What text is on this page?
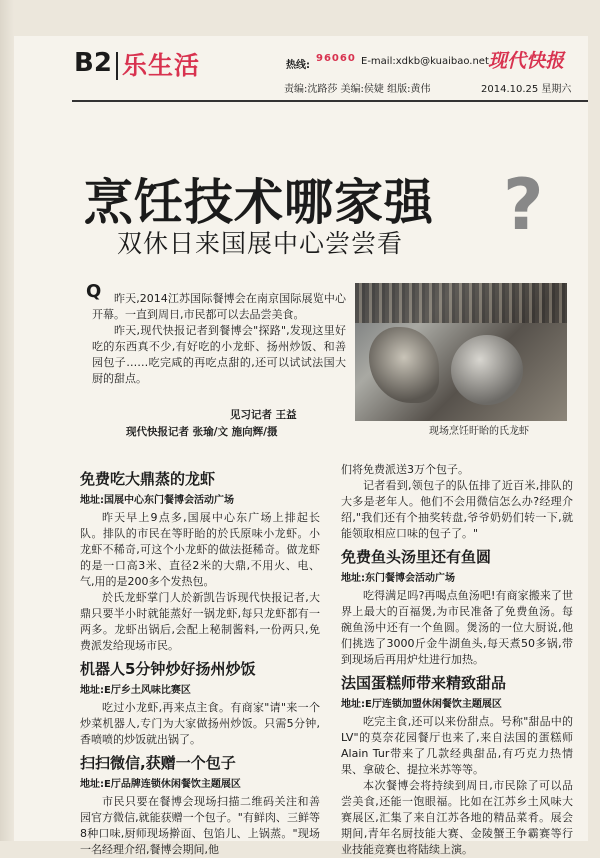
B2 乐生活	热线:
96060 E-mail:xdkb@kuaibao.net 现代快报
责编:沈路莎 美编:侯婕 组版:黄伟	2014.10.25 星期六
烹饪技术哪家强 ?
双休日来国展中心尝尝看
Q	昨天,2014江苏国际餐博会在南京国际展览中心开幕。一直到周日,市民都可以去品尝美食。
昨天,现代快报记者到餐博会"探路",发现这里好吃的东西真不少,有好吃的小龙虾、扬州炒饭、和善园包子……吃完咸的再吃点甜的,还可以试试法国大厨的甜点。
见习记者 王益
现代快报记者 张瑜/文 施向辉/摄	现场烹饪盱眙的氏龙虾
免费吃大鼎蒸的龙虾
地址:国展中心东门餐博会活动广场
昨天早上9点多,国展中心东广场上排起长队。排队的市民在等盱眙的於氏原味小龙虾。小龙虾不稀奇,可这个小龙虾的做法挺稀奇。做龙虾的是一口高3米、直径2米的大鼎,不用火、电、气,用的是200多个发热包。
於氏龙虾掌门人於新凯告诉现代快报记者,大鼎只要半小时就能蒸好一锅龙虾,每只龙虾都有一两多。龙虾出锅后,会配上秘制酱料,一份两只,免费派发给现场市民。
机器人5分钟炒好扬州炒饭
地址:E厅乡土风味比赛区
吃过小龙虾,再来点主食。有商家"请"来一个炒菜机器人,专门为大家做扬州炒饭。只需5分钟,香喷喷的炒饭就出锅了。
扫扫微信,获赠一个包子
地址:E厅品牌连锁休闲餐饮主题展区
市民只要在餐博会现场扫描二维码关注和善园官方微信,就能获赠一个包子。"有鲜肉、三鲜等8种口味,厨师现场擀面、包馅儿、上锅蒸。"现场一名经理介绍,餐博会期间,他
们将免费派送3万个包子。
记者看到,领包子的队伍排了近百米,排队的大多是老年人。他们不会用微信怎么办?经理介绍,"我们还有个抽奖转盘,爷爷奶奶们转一下,就能领取相应口味的包子了。"
免费鱼头汤里还有鱼圆
地址:东门餐博会活动广场
吃得满足吗?再喝点鱼汤吧!有商家搬来了世界上最大的百福煲,为市民准备了免费鱼汤。每碗鱼汤中还有一个鱼圆。煲汤的一位大厨说,他们挑选了3000斤金牛湖鱼头,每天煮50多锅,带到现场后再用炉灶进行加热。
法国蛋糕师带来精致甜品
地址:E厅连锁加盟休闲餐饮主题展区
吃完主食,还可以来份甜点。号称"甜品中的LV"的莫奈花园餐厅也来了,来自法国的蛋糕师Alain Tur带来了几款经典甜品,有巧克力热情果、拿破仑、提拉米苏等等。
本次餐博会将持续到周日,市民除了可以品尝美食,还能一饱眼福。比如在江苏乡土风味大赛展区,汇集了来自江苏各地的精品菜肴。展会期间,青年名厨技能大赛、金陵蟹王争霸赛等行业技能竞赛也将陆续上演。
